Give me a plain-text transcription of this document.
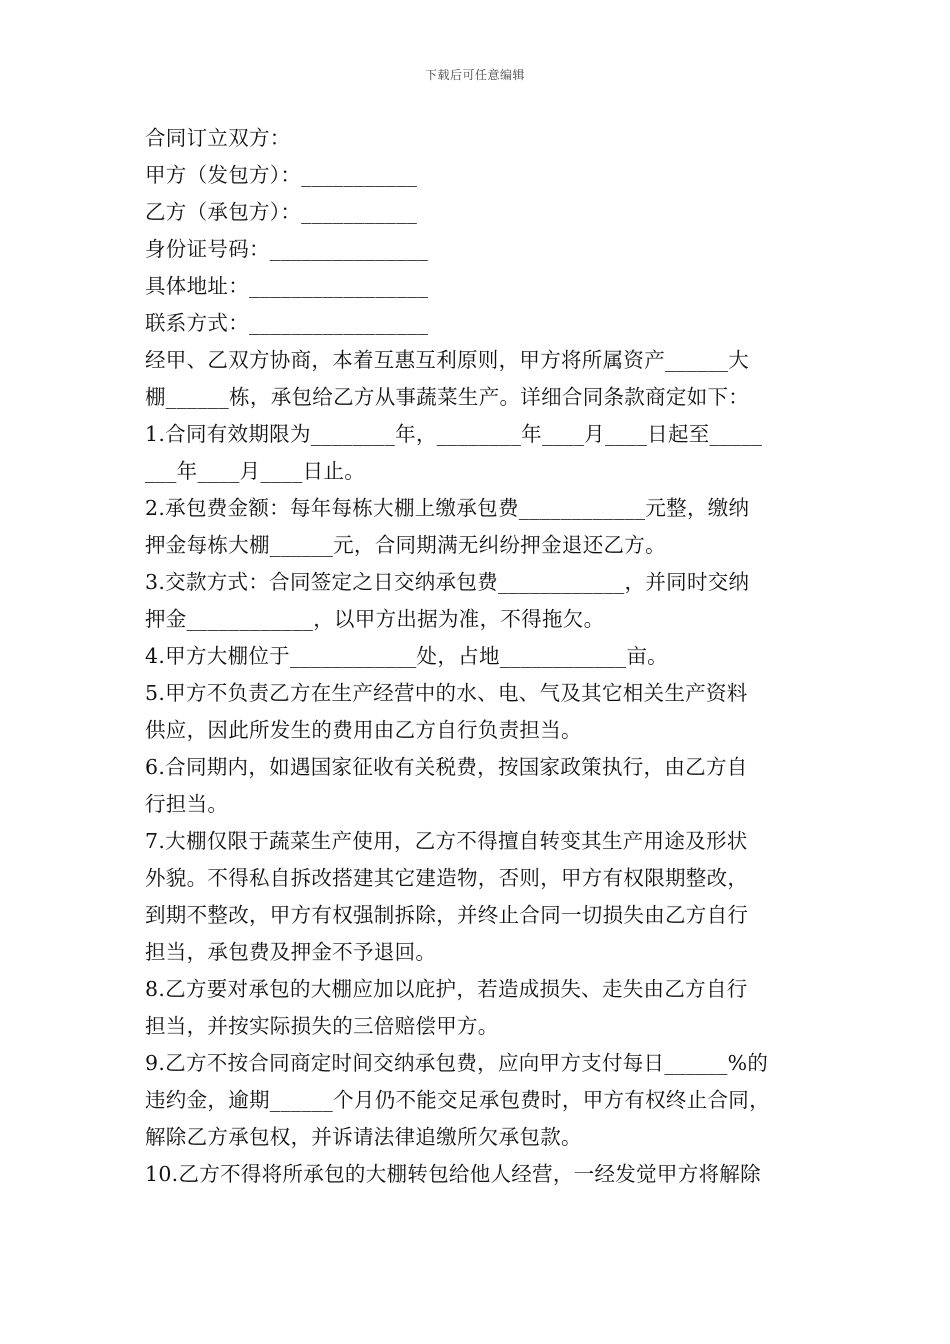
下载后可任意编辑
合同订立双方：
甲方（发包方）：___________
乙方（承包方）：___________
身份证号码：_______________
具体地址：_________________
联系方式：_________________
经甲、乙双方协商，本着互惠互利原则，甲方将所属资产______大
棚______栋，承包给乙方从事蔬菜生产。详细合同条款商定如下：
1.合同有效期限为________年，________年____月____日起至_____
___年____月____日止。
2.承包费金额：每年每栋大棚上缴承包费____________元整，缴纳
押金每栋大棚______元，合同期满无纠纷押金退还乙方。
3.交款方式：合同签定之日交纳承包费____________，并同时交纳
押金____________，以甲方出据为准，不得拖欠。
4.甲方大棚位于____________处，占地____________亩。
5.甲方不负责乙方在生产经营中的水、电、气及其它相关生产资料
供应，因此所发生的费用由乙方自行负责担当。
6.合同期内，如遇国家征收有关税费，按国家政策执行，由乙方自
行担当。
7.大棚仅限于蔬菜生产使用，乙方不得擅自转变其生产用途及形状
外貌。不得私自拆改搭建其它建造物，否则，甲方有权限期整改，
到期不整改，甲方有权强制拆除，并终止合同一切损失由乙方自行
担当，承包费及押金不予退回。
8.乙方要对承包的大棚应加以庇护，若造成损失、走失由乙方自行
担当，并按实际损失的三倍赔偿甲方。
9.乙方不按合同商定时间交纳承包费，应向甲方支付每日______%的
违约金，逾期______个月仍不能交足承包费时，甲方有权终止合同，
解除乙方承包权，并诉请法律追缴所欠承包款。
10.乙方不得将所承包的大棚转包给他人经营，一经发觉甲方将解除
